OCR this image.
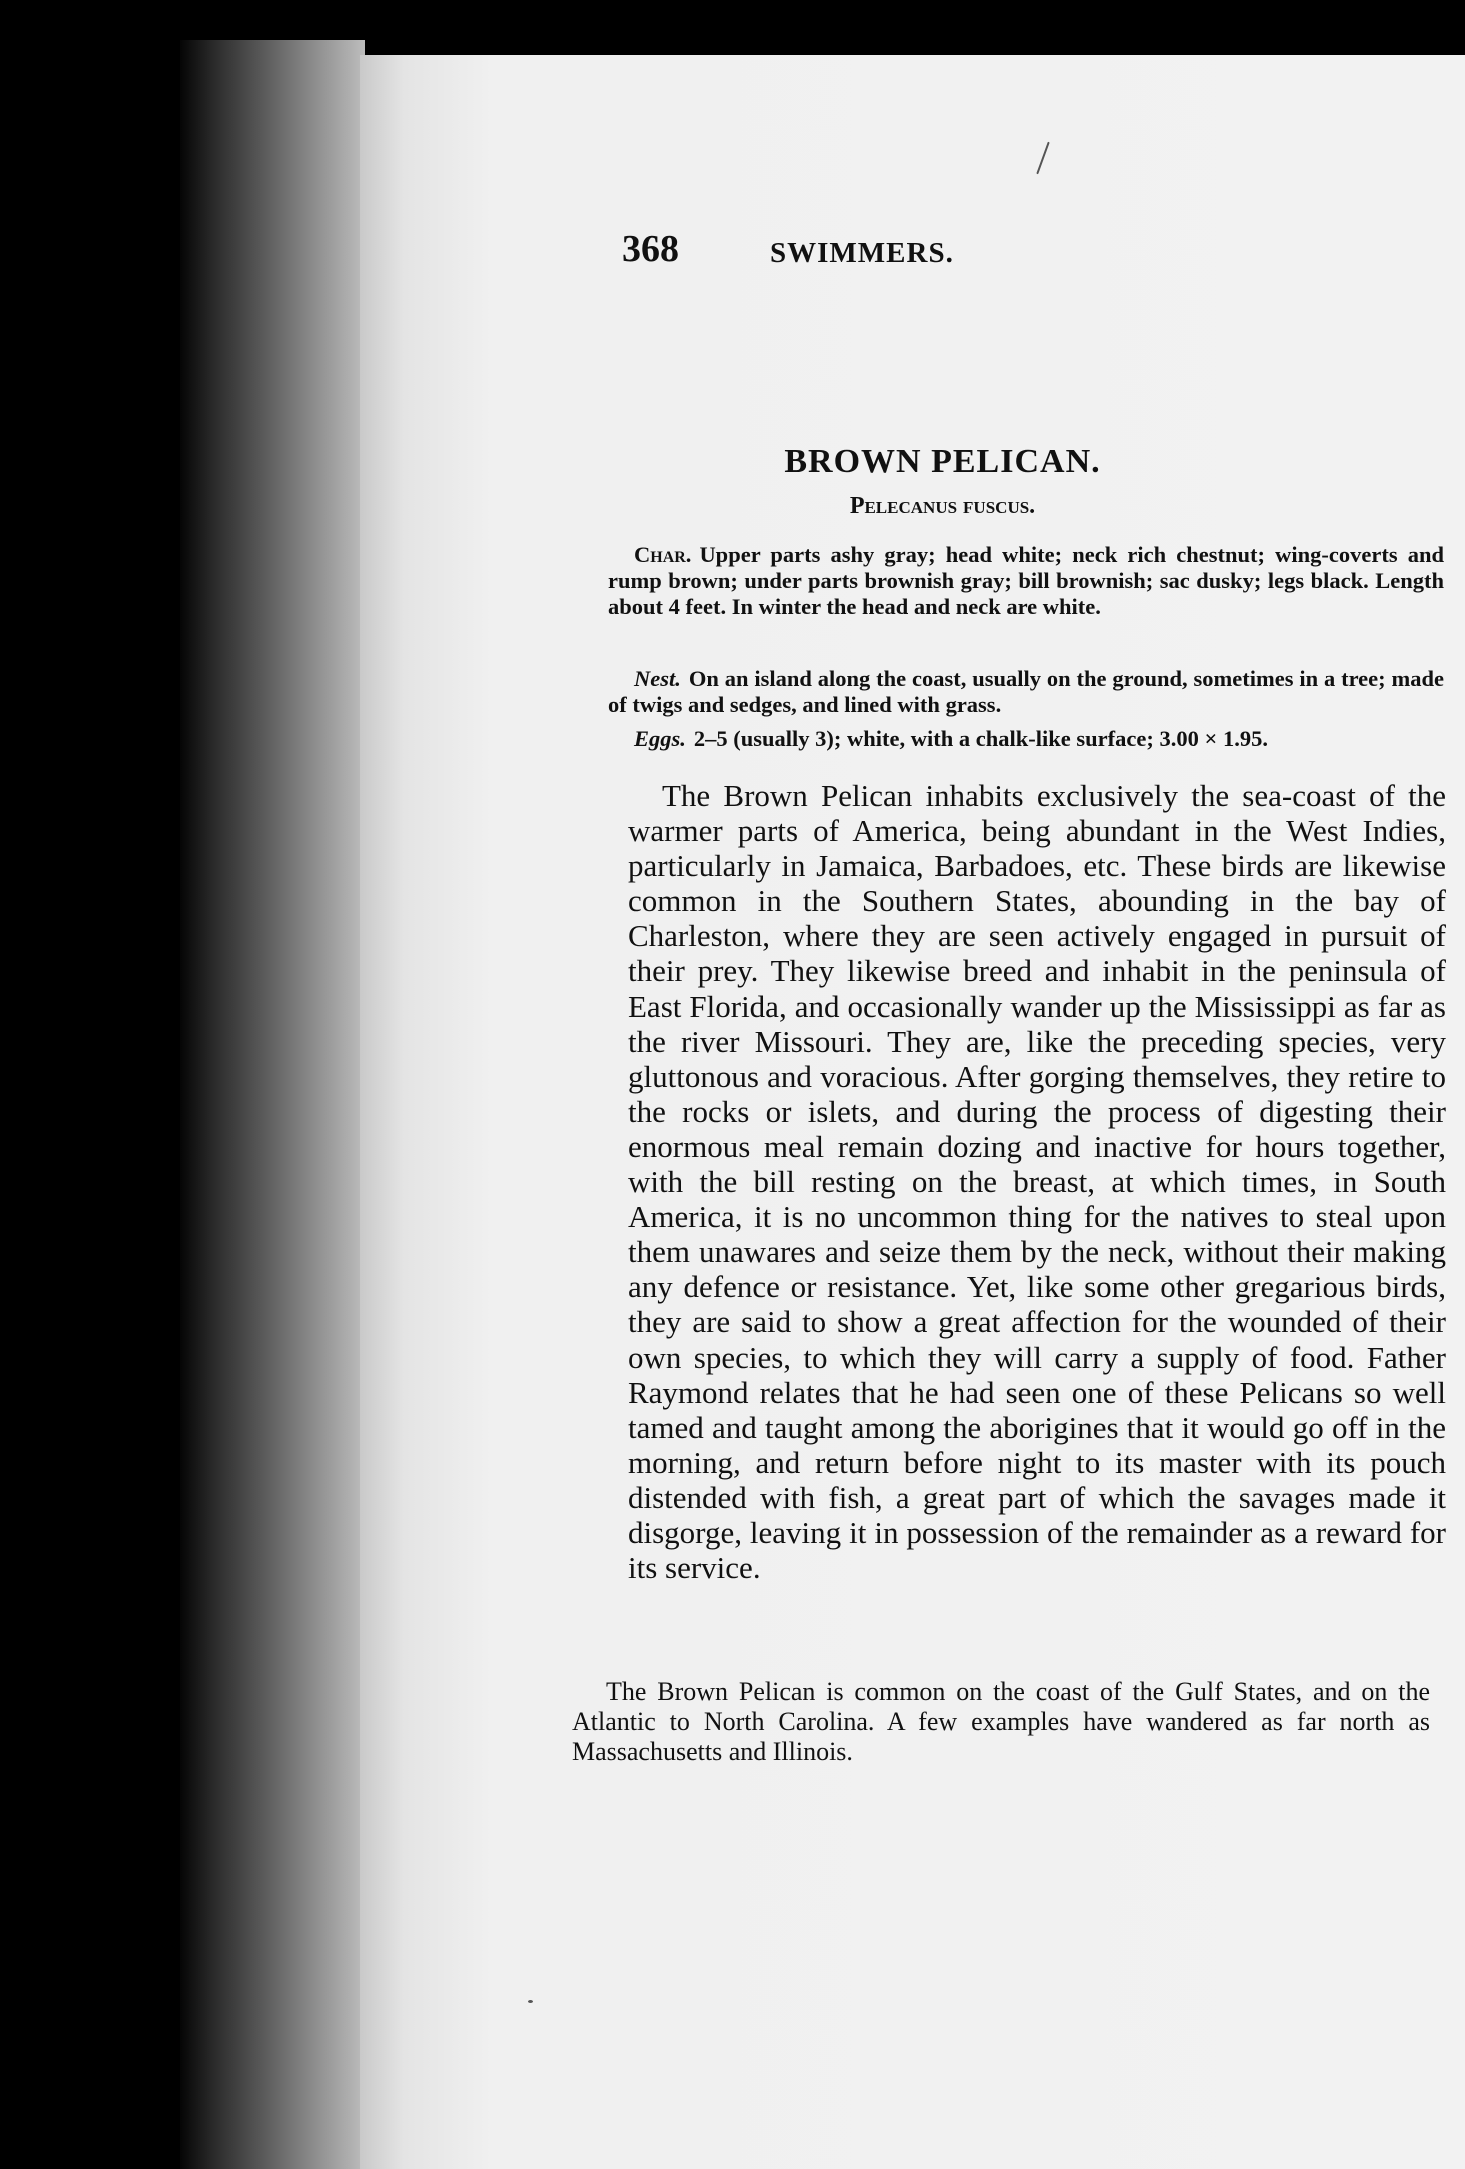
368	SWIMMERS.
BROWN PELICAN.
Pelecanus fuscus.

Char. Upper parts ashy gray; head white; neck rich chestnut; wing-coverts and rump brown; under parts brownish gray; bill brownish; sac dusky; legs black. Length about 4 feet. In winter the head and neck are white.

Nest. On an island along the coast, usually on the ground, sometimes in a tree; made of twigs and sedges, and lined with grass.

Eggs. 2–5 (usually 3); white, with a chalk-like surface; 3.00 × 1.95.

The Brown Pelican inhabits exclusively the sea-coast of the warmer parts of America, being abundant in the West Indies, particularly in Jamaica, Barbadoes, etc. These birds are likewise common in the Southern States, abounding in the bay of Charleston, where they are seen actively engaged in pursuit of their prey. They likewise breed and inhabit in the peninsula of East Florida, and occasionally wander up the Mississippi as far as the river Missouri. They are, like the preceding species, very gluttonous and voracious. After gorging themselves, they retire to the rocks or islets, and during the process of digesting their enormous meal remain dozing and inactive for hours together, with the bill resting on the breast, at which times, in South America, it is no uncommon thing for the natives to steal upon them unawares and seize them by the neck, without their making any defence or resistance. Yet, like some other gregarious birds, they are said to show a great affection for the wounded of their own species, to which they will carry a supply of food. Father Raymond relates that he had seen one of these Pelicans so well tamed and taught among the aborigines that it would go off in the morning, and return before night to its master with its pouch distended with fish, a great part of which the savages made it disgorge, leaving it in possession of the remainder as a reward for its service.

The Brown Pelican is common on the coast of the Gulf States, and on the Atlantic to North Carolina. A few examples have wandered as far north as Massachusetts and Illinois.
